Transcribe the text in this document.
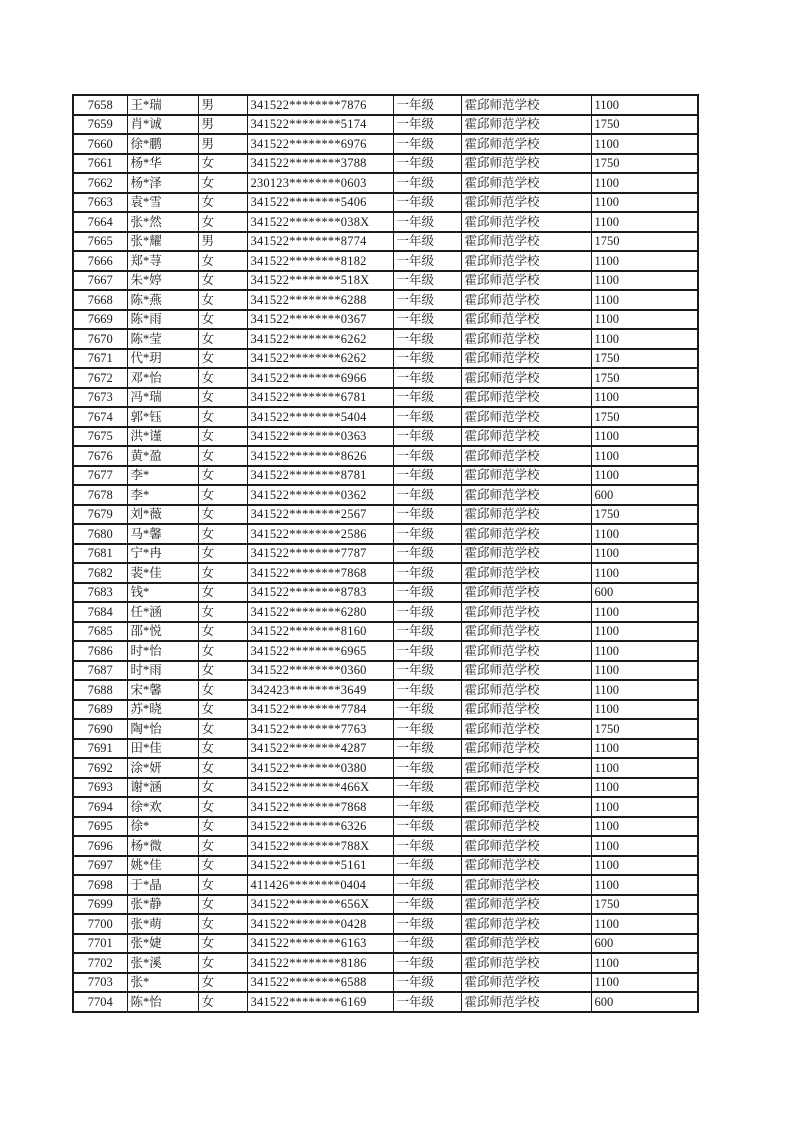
7658	王*瑞	男	341522********7876	一年级	霍邱师范学校	1100
7659	肖*诚	男	341522********5174	一年级	霍邱师范学校	1750
7660	徐*鹏	男	341522********6976	一年级	霍邱师范学校	1100
7661	杨*华	女	341522********3788	一年级	霍邱师范学校	1750
7662	杨*泽	女	230123********0603	一年级	霍邱师范学校	1100
7663	袁*雪	女	341522********5406	一年级	霍邱师范学校	1100
7664	张*然	女	341522********038X	一年级	霍邱师范学校	1100
7665	张*耀	男	341522********8774	一年级	霍邱师范学校	1750
7666	郑*荨	女	341522********8182	一年级	霍邱师范学校	1100
7667	朱*婷	女	341522********518X	一年级	霍邱师范学校	1100
7668	陈*燕	女	341522********6288	一年级	霍邱师范学校	1100
7669	陈*雨	女	341522********0367	一年级	霍邱师范学校	1100
7670	陈*莹	女	341522********6262	一年级	霍邱师范学校	1100
7671	代*玥	女	341522********6262	一年级	霍邱师范学校	1750
7672	邓*怡	女	341522********6966	一年级	霍邱师范学校	1750
7673	冯*瑞	女	341522********6781	一年级	霍邱师范学校	1100
7674	郭*钰	女	341522********5404	一年级	霍邱师范学校	1750
7675	洪*谨	女	341522********0363	一年级	霍邱师范学校	1100
7676	黄*盈	女	341522********8626	一年级	霍邱师范学校	1100
7677	李*	女	341522********8781	一年级	霍邱师范学校	1100
7678	李*	女	341522********0362	一年级	霍邱师范学校	600
7679	刘*薇	女	341522********2567	一年级	霍邱师范学校	1750
7680	马*馨	女	341522********2586	一年级	霍邱师范学校	1100
7681	宁*冉	女	341522********7787	一年级	霍邱师范学校	1100
7682	裴*佳	女	341522********7868	一年级	霍邱师范学校	1100
7683	钱*	女	341522********8783	一年级	霍邱师范学校	600
7684	任*涵	女	341522********6280	一年级	霍邱师范学校	1100
7685	邵*悦	女	341522********8160	一年级	霍邱师范学校	1100
7686	时*怡	女	341522********6965	一年级	霍邱师范学校	1100
7687	时*雨	女	341522********0360	一年级	霍邱师范学校	1100
7688	宋*馨	女	342423********3649	一年级	霍邱师范学校	1100
7689	苏*晓	女	341522********7784	一年级	霍邱师范学校	1100
7690	陶*怡	女	341522********7763	一年级	霍邱师范学校	1750
7691	田*佳	女	341522********4287	一年级	霍邱师范学校	1100
7692	涂*妍	女	341522********0380	一年级	霍邱师范学校	1100
7693	谢*涵	女	341522********466X	一年级	霍邱师范学校	1100
7694	徐*欢	女	341522********7868	一年级	霍邱师范学校	1100
7695	徐*	女	341522********6326	一年级	霍邱师范学校	1100
7696	杨*微	女	341522********788X	一年级	霍邱师范学校	1100
7697	姚*佳	女	341522********5161	一年级	霍邱师范学校	1100
7698	于*晶	女	411426********0404	一年级	霍邱师范学校	1100
7699	张*静	女	341522********656X	一年级	霍邱师范学校	1750
7700	张*萌	女	341522********0428	一年级	霍邱师范学校	1100
7701	张*婕	女	341522********6163	一年级	霍邱师范学校	600
7702	张*溪	女	341522********8186	一年级	霍邱师范学校	1100
7703	张*	女	341522********6588	一年级	霍邱师范学校	1100
7704	陈*怡	女	341522********6169	一年级	霍邱师范学校	600
